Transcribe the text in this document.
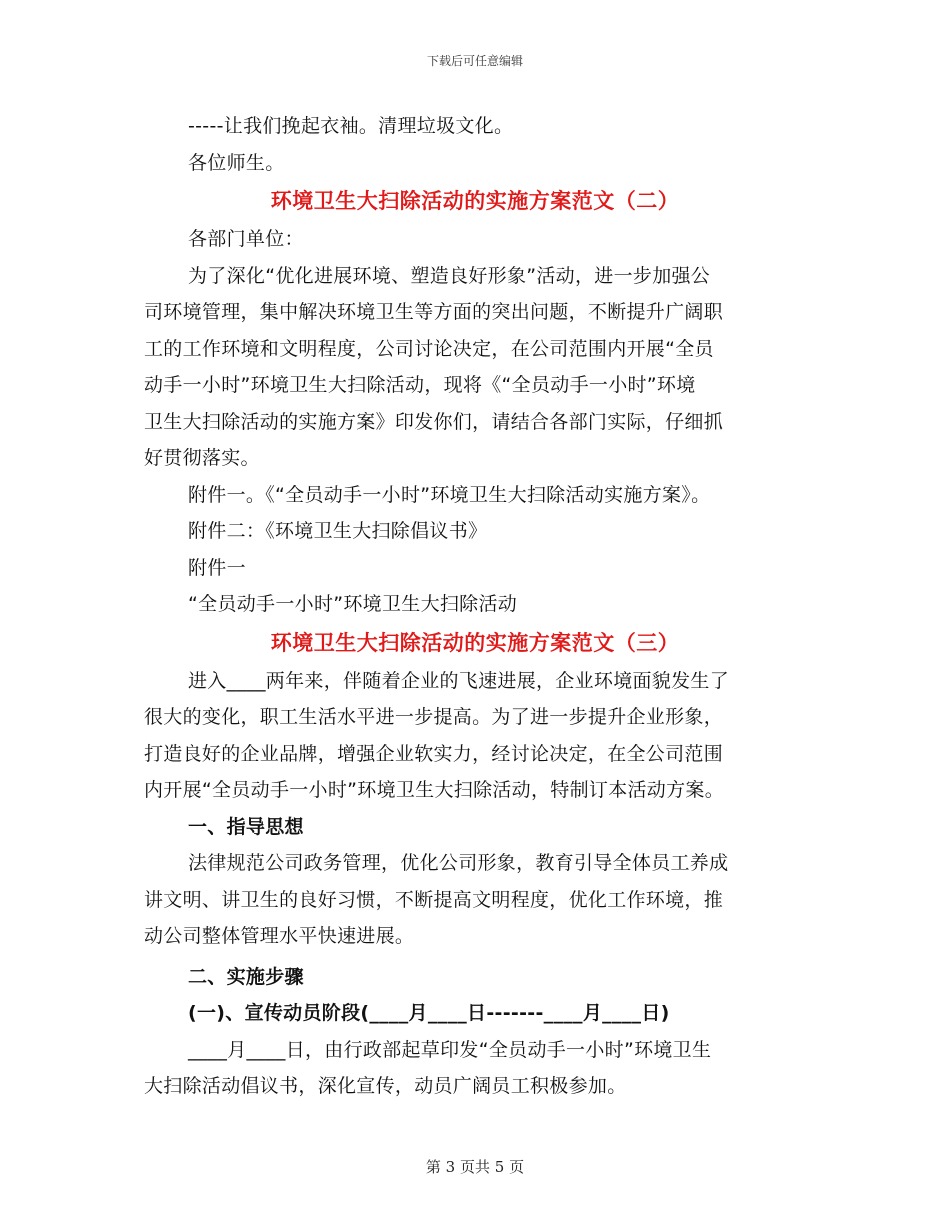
下载后可任意编辑

-----让我们挽起衣袖。清理垃圾文化。

各位师生。

环境卫生大扫除活动的实施方案范文（二）

各部门单位：

为了深化“优化进展环境、塑造良好形象”活动，进一步加强公

司环境管理，集中解决环境卫生等方面的突出问题，不断提升广阔职

工的工作环境和文明程度，公司讨论决定，在公司范围内开展“全员

动手一小时”环境卫生大扫除活动，现将《“全员动手一小时”环境

卫生大扫除活动的实施方案》印发你们，请结合各部门实际，仔细抓

好贯彻落实。

附件一。《“全员动手一小时”环境卫生大扫除活动实施方案》。

附件二：《环境卫生大扫除倡议书》

附件一

“全员动手一小时”环境卫生大扫除活动

环境卫生大扫除活动的实施方案范文（三）

进入____两年来，伴随着企业的飞速进展，企业环境面貌发生了

很大的变化，职工生活水平进一步提高。为了进一步提升企业形象，

打造良好的企业品牌，增强企业软实力，经讨论决定，在全公司范围

内开展“全员动手一小时”环境卫生大扫除活动，特制订本活动方案。

一、指导思想

法律规范公司政务管理，优化公司形象，教育引导全体员工养成

讲文明、讲卫生的良好习惯，不断提高文明程度，优化工作环境，推

动公司整体管理水平快速进展。

二、实施步骤

(一)、宣传动员阶段(____月____日-------____月____日)

____月____日，由行政部起草印发“全员动手一小时”环境卫生

大扫除活动倡议书，深化宣传，动员广阔员工积极参加。

第 3 页共 5 页
